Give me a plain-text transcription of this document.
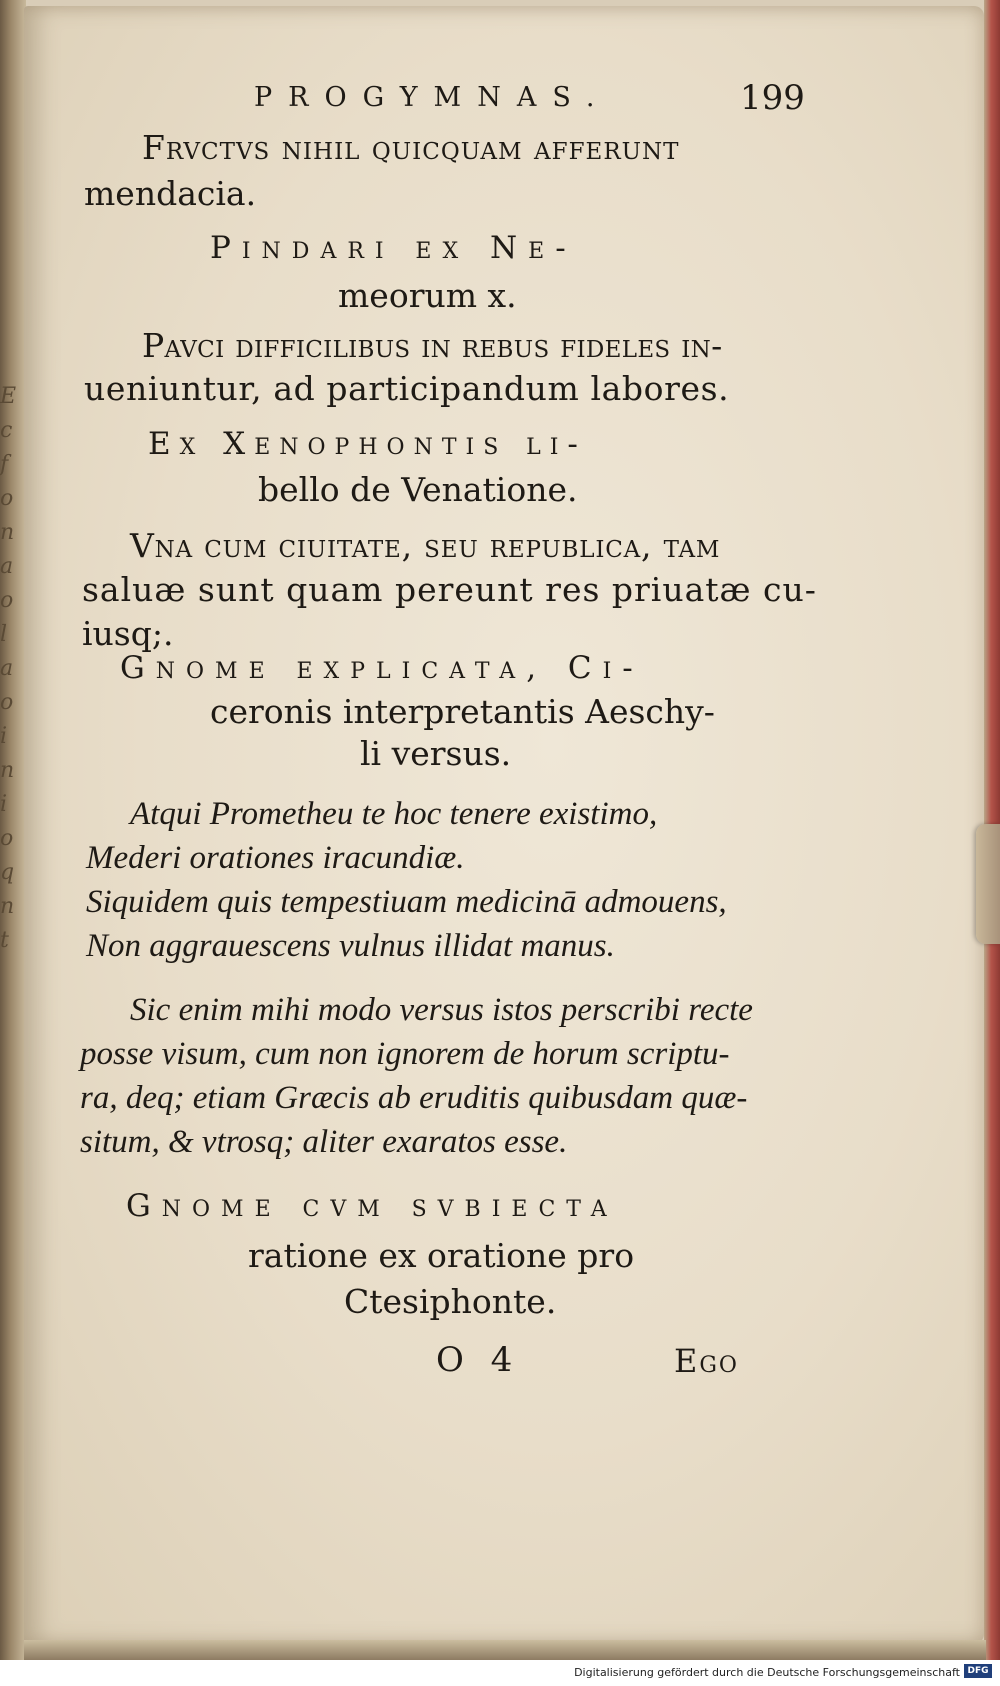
Ecfonaolaoinioqnt
PROGYMNAS.	199
Frvctvs nihil quicquam afferunt
mendacia.
Pindari ex Ne-
meorum x.
Pavci difficilibus in rebus fideles in-
ueniuntur, ad participandum labores.
Ex Xenophontis li-
bello de Venatione.
Vna cum ciuitate, seu republica, tam
saluæ sunt quam pereunt res priuatæ cu-
iusq;.
Gnome explicata, Ci-
ceronis interpretantis Aeschy-
li versus.
Atqui Prometheu te hoc tenere existimo,
Mederi orationes iracundiæ.
Siquidem quis tempestiuam medicinā admouens,
Non aggrauescens vulnus illidat manus.
Sic enim mihi modo versus istos perscribi recte
posse visum, cum non ignorem de horum scriptu-
ra, deq; etiam Græcis ab eruditis quibusdam quæ-
situm, & vtrosq; aliter exaratos esse.
Gnome cvm svbiecta
ratione ex oratione pro
Ctesiphonte.
O 4	Ego
Digitalisierung gefördert durch die Deutsche Forschungsgemeinschaft DFG
